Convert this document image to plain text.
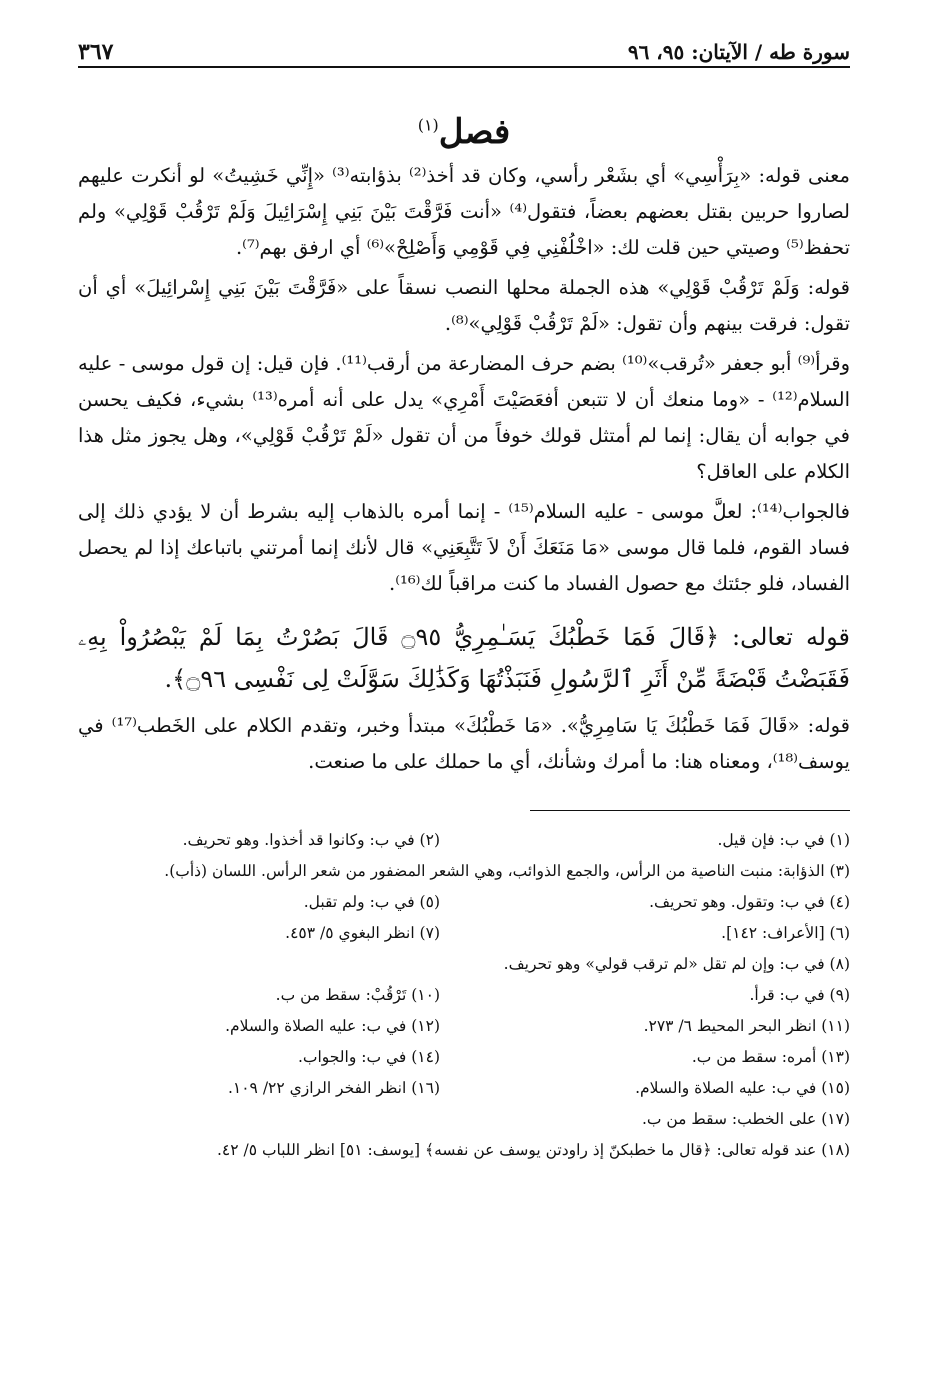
سورة طه / الآيتان: ٩٥، ٩٦
٣٦٧
فصل$^{(١)}$

معنى قوله: «بِرَأْسِي» أي بشَعْر رأسي، وكان قد أخذ⁽²⁾ بذؤابته⁽³⁾ «إِنِّي خَشِيتُ» لو أنكرت عليهم لصاروا حربين بقتل بعضهم بعضاً، فتقول⁽⁴⁾ «أنت فَرَّقْتَ بَيْنَ بَنِي إِسْرَائِيلَ وَلَمْ تَرْقُبْ قَوْلِي» ولم تحفظ⁽⁵⁾ وصيتي حين قلت لك: «اخْلُفْنِي فِي قَوْمِي وَأَصْلِحْ»⁽⁶⁾ أي ارفق بهم⁽⁷⁾.

قوله: وَلَمْ تَرْقُبْ قَوْلِي» هذه الجملة محلها النصب نسقاً على «فَرَّقْتَ بَيْنَ بَنِي إِسْرائِيلَ» أي أن تقول: فرقت بينهم وأن تقول: «لَمْ تَرْقُبْ قَوْلِي»⁽⁸⁾.

وقرأ⁽⁹⁾ أبو جعفر «تُرقب»⁽¹⁰⁾ بضم حرف المضارعة من أرقب⁽¹¹⁾. فإن قيل: إن قول موسى - عليه السلام⁽¹²⁾ - «وما منعك أن لا تتبعن أفعَصَيْتَ أَمْرِي» يدل على أنه أمره⁽¹³⁾ بشيء، فكيف يحسن في جوابه أن يقال: إنما لم أمتثل قولك خوفاً من أن تقول «لَمْ تَرْقُبْ قَوْلِي»، وهل يجوز مثل هذا الكلام على العاقل؟

فالجواب⁽¹⁴⁾: لعلَّ موسى - عليه السلام⁽¹⁵⁾ - إنما أمره بالذهاب إليه بشرط أن لا يؤدي ذلك إلى فساد القوم، فلما قال موسى «مَا مَنَعَكَ أَنْ لاَ تَتَّبِعَنِي» قال لأنك إنما أمرتني باتباعك إذا لم يحصل الفساد، فلو جئتك مع حصول الفساد ما كنت مراقباً لك⁽¹⁶⁾.

قوله تعالى: ﴿قَالَ فَمَا خَطْبُكَ يَسَـٰمِرِيُّ ۝٩٥ قَالَ بَصُرْتُ بِمَا لَمْ يَبْصُرُواْ بِهِۦ فَقَبَضْتُ قَبْضَةً مِّنْ أَثَرِ ٱلرَّسُولِ فَنَبَذْتُهَا وَكَذَٰلِكَ سَوَّلَتْ لِى نَفْسِى ۝٩٦﴾.

قوله: «قَالَ فَمَا خَطْبُكَ يَا سَامِرِيُّ». «مَا خَطْبُكَ» مبتدأ وخبر، وتقدم الكلام على الخَطب⁽¹⁷⁾ في يوسف⁽¹⁸⁾، ومعناه هنا: ما أمرك وشأنك، أي ما حملك على ما صنعت.

(١) في ب: فإن قيل.
(٢) في ب: وكانوا قد أخذوا. وهو تحريف.
(٣) الذؤابة: منبت الناصية من الرأس، والجمع الذوائب، وهي الشعر المضفور من شعر الرأس. اللسان (ذأب).
(٤) في ب: وتقول. وهو تحريف.
(٥) في ب: ولم تقبل.
(٦) [الأعراف: ١٤٢].
(٧) انظر البغوي ٥/ ٤٥٣.
(٨) في ب: وإن لم تقل «لم ترقب قولي» وهو تحريف.
(٩) في ب: قرأ.
(١٠) تَرْقُبْ: سقط من ب.
(١١) انظر البحر المحيط ٦/ ٢٧٣.
(١٢) في ب: عليه الصلاة والسلام.
(١٣) أمره: سقط من ب.
(١٤) في ب: والجواب.
(١٥) في ب: عليه الصلاة والسلام.
(١٦) انظر الفخر الرازي ٢٢/ ١٠٩.
(١٧) على الخطب: سقط من ب.
(١٨) عند قوله تعالى: ﴿قال ما خطبكنّ إذ راودتن يوسف عن نفسه﴾ [يوسف: ٥١] انظر اللباب ٥/ ٤٢.
